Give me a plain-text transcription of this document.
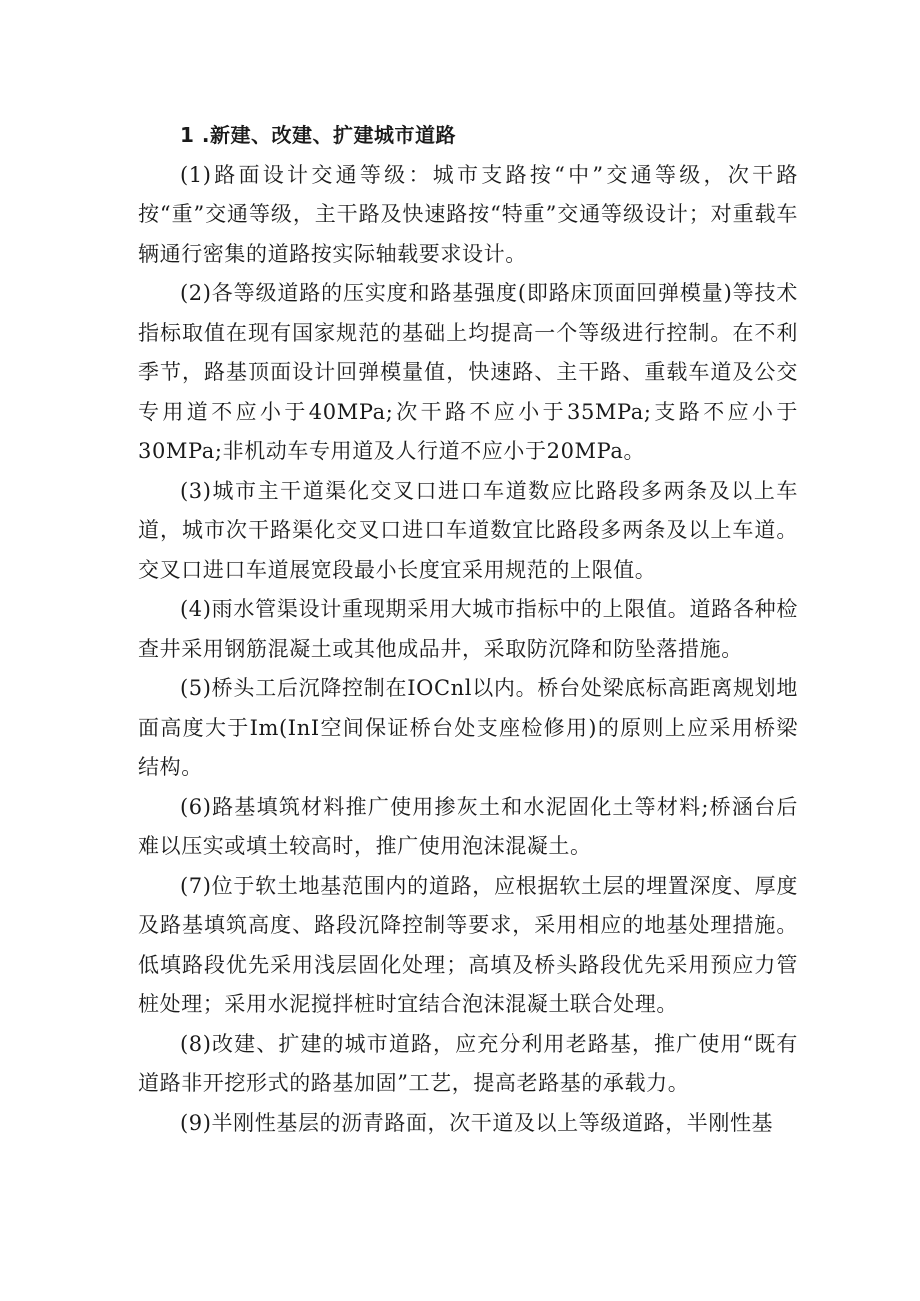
1 .新建、改建、扩建城市道路

(1)路面设计交通等级：城市支路按“中”交通等级，次干路按“重”交通等级，主干路及快速路按“特重”交通等级设计；对重载车辆通行密集的道路按实际轴载要求设计。

(2)各等级道路的压实度和路基强度(即路床顶面回弹模量)等技术指标取值在现有国家规范的基础上均提高一个等级进行控制。在不利季节，路基顶面设计回弹模量值，快速路、主干路、重载车道及公交专用道不应小于40MPa;次干路不应小于35MPa;支路不应小于30MPa;非机动车专用道及人行道不应小于20MPa。

(3)城市主干道渠化交叉口进口车道数应比路段多两条及以上车道，城市次干路渠化交叉口进口车道数宜比路段多两条及以上车道。交叉口进口车道展宽段最小长度宜采用规范的上限值。

(4)雨水管渠设计重现期采用大城市指标中的上限值。道路各种检查井采用钢筋混凝土或其他成品井，采取防沉降和防坠落措施。

(5)桥头工后沉降控制在IOCnl以内。桥台处梁底标高距离规划地面高度大于Im(InI空间保证桥台处支座检修用)的原则上应采用桥梁结构。

(6)路基填筑材料推广使用掺灰土和水泥固化土等材料;桥涵台后难以压实或填土较高时，推广使用泡沫混凝土。

(7)位于软土地基范围内的道路，应根据软土层的埋置深度、厚度及路基填筑高度、路段沉降控制等要求，采用相应的地基处理措施。低填路段优先采用浅层固化处理；高填及桥头路段优先采用预应力管桩处理；采用水泥搅拌桩时宜结合泡沫混凝土联合处理。

(8)改建、扩建的城市道路，应充分利用老路基，推广使用“既有道路非开挖形式的路基加固”工艺，提高老路基的承载力。

(9)半刚性基层的沥青路面，次干道及以上等级道路，半刚性基
